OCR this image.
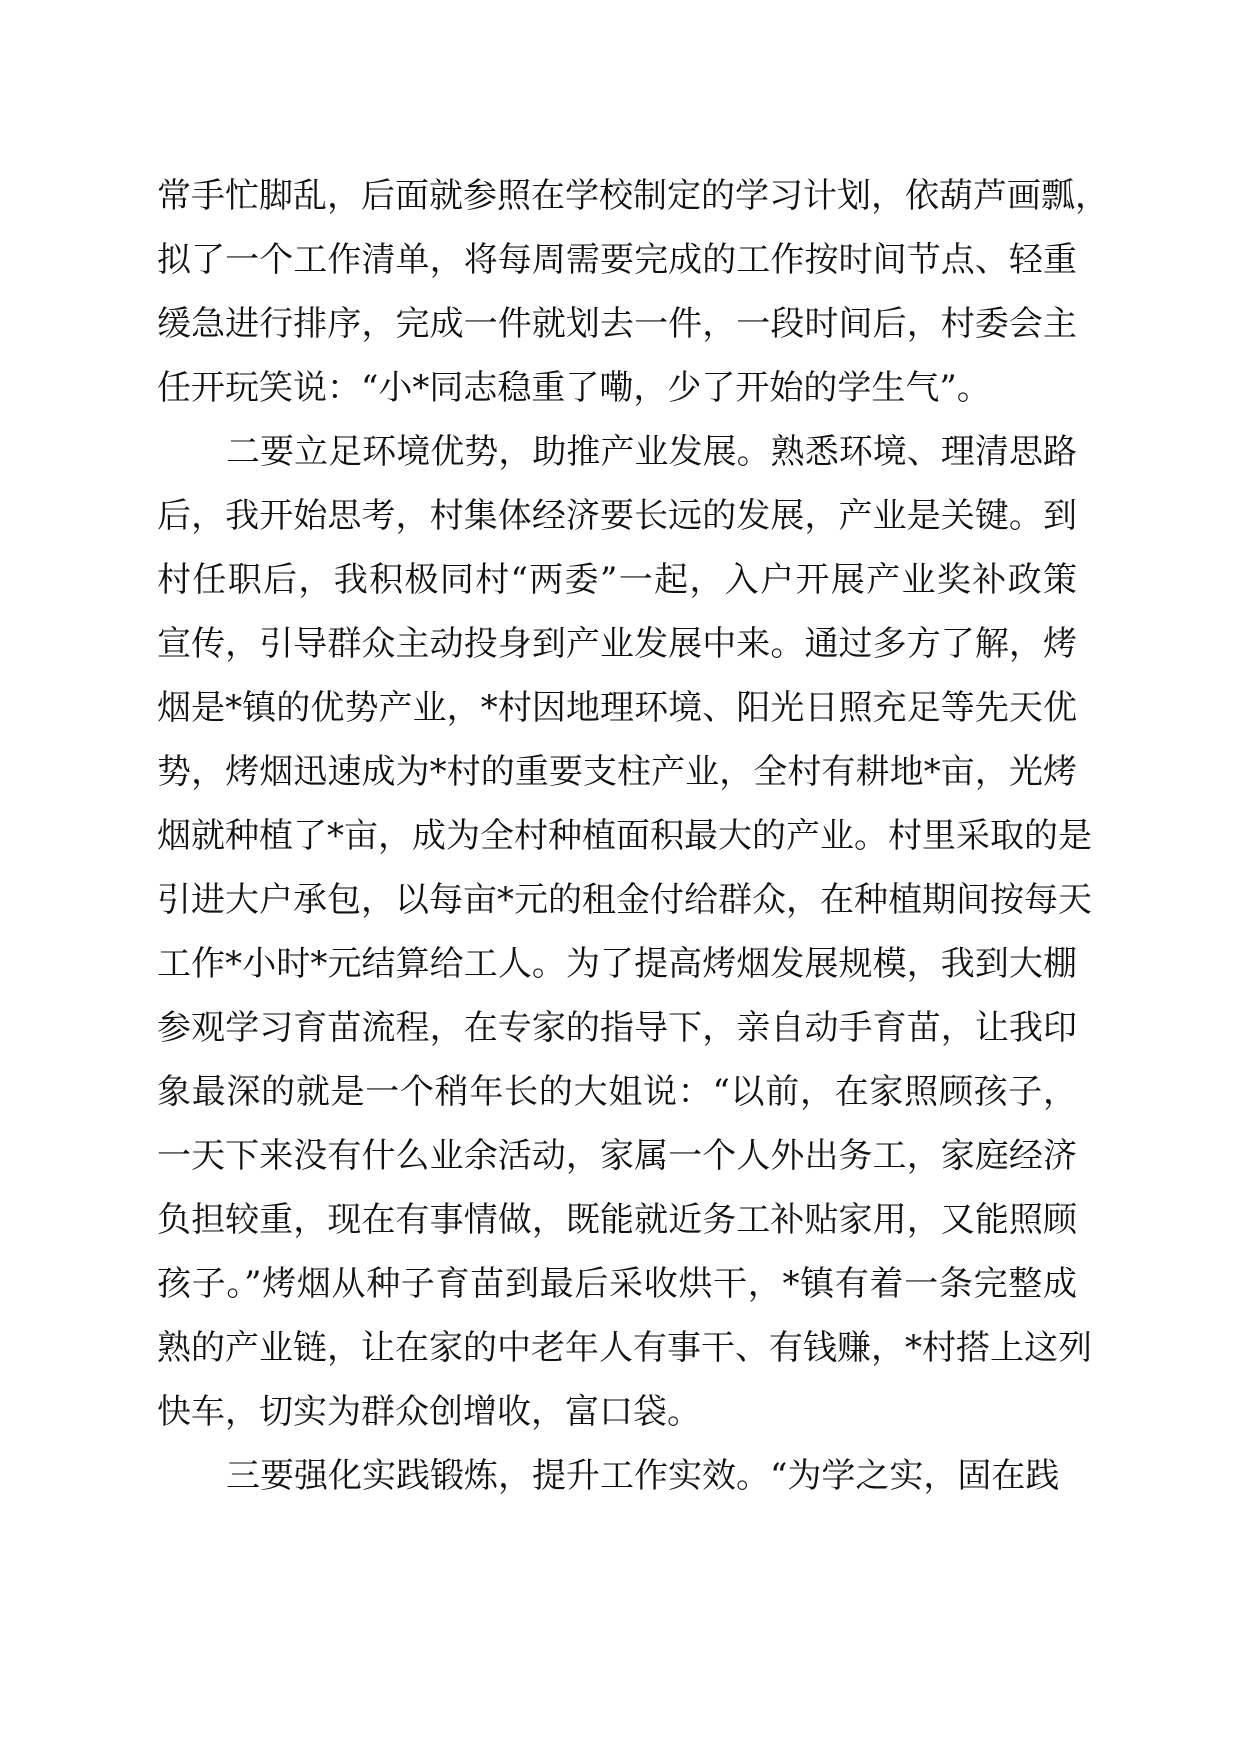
常手忙脚乱，后面就参照在学校制定的学习计划，依葫芦画瓢，
拟了一个工作清单，将每周需要完成的工作按时间节点、轻重
缓急进行排序，完成一件就划去一件，一段时间后，村委会主
任开玩笑说：“小*同志稳重了嘞，少了开始的学生气”。
二要立足环境优势，助推产业发展。熟悉环境、理清思路
后，我开始思考，村集体经济要长远的发展，产业是关键。到
村任职后，我积极同村“两委”一起，入户开展产业奖补政策
宣传，引导群众主动投身到产业发展中来。通过多方了解，烤
烟是*镇的优势产业，*村因地理环境、阳光日照充足等先天优
势，烤烟迅速成为*村的重要支柱产业，全村有耕地*亩，光烤
烟就种植了*亩，成为全村种植面积最大的产业。村里采取的是
引进大户承包，以每亩*元的租金付给群众，在种植期间按每天
工作*小时*元结算给工人。为了提高烤烟发展规模，我到大棚
参观学习育苗流程，在专家的指导下，亲自动手育苗，让我印
象最深的就是一个稍年长的大姐说：“以前，在家照顾孩子，
一天下来没有什么业余活动，家属一个人外出务工，家庭经济
负担较重，现在有事情做，既能就近务工补贴家用，又能照顾
孩子。”烤烟从种子育苗到最后采收烘干，*镇有着一条完整成
熟的产业链，让在家的中老年人有事干、有钱赚，*村搭上这列
快车，切实为群众创增收，富口袋。
三要强化实践锻炼，提升工作实效。“为学之实，固在践
